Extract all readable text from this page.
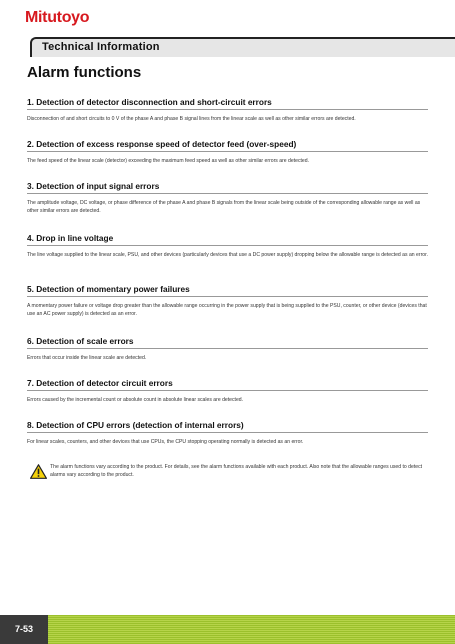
Mitutoyo
Technical Information
Alarm functions
1. Detection of detector disconnection and short-circuit errors

Disconnection of and short circuits to 0 V of the phase A and phase B signal lines from the linear scale as well as other similar errors are detected.

2. Detection of excess response speed of detector feed (over-speed)

The feed speed of the linear scale (detector) exceeding the maximum feed speed as well as other similar errors are detected.

3. Detection of input signal errors

The amplitude voltage, DC voltage, or phase difference of the phase A and phase B signals from the linear scale being outside of the corresponding allowable range as well as other similar errors are detected.

4. Drop in line voltage

The line voltage supplied to the linear scale, PSU, and other devices (particularly devices that use a DC power supply) dropping below the allowable range is detected as an error.

5. Detection of momentary power failures

A momentary power failure or voltage drop greater than the allowable range occurring in the power supply that is being supplied to the PSU, counter, or other device (devices that use an AC power supply) is detected as an error.

6. Detection of scale errors

Errors that occur inside the linear scale are detected.

7. Detection of detector circuit errors

Errors caused by the incremental count or absolute count in absolute linear scales are detected.

8. Detection of CPU errors (detection of internal errors)

For linear scales, counters, and other devices that use CPUs, the CPU stopping operating normally is detected as an error.

The alarm functions vary according to the product. For details, see the alarm functions available with each product. Also note that the allowable ranges used to detect alarms vary according to the product.

7-53
